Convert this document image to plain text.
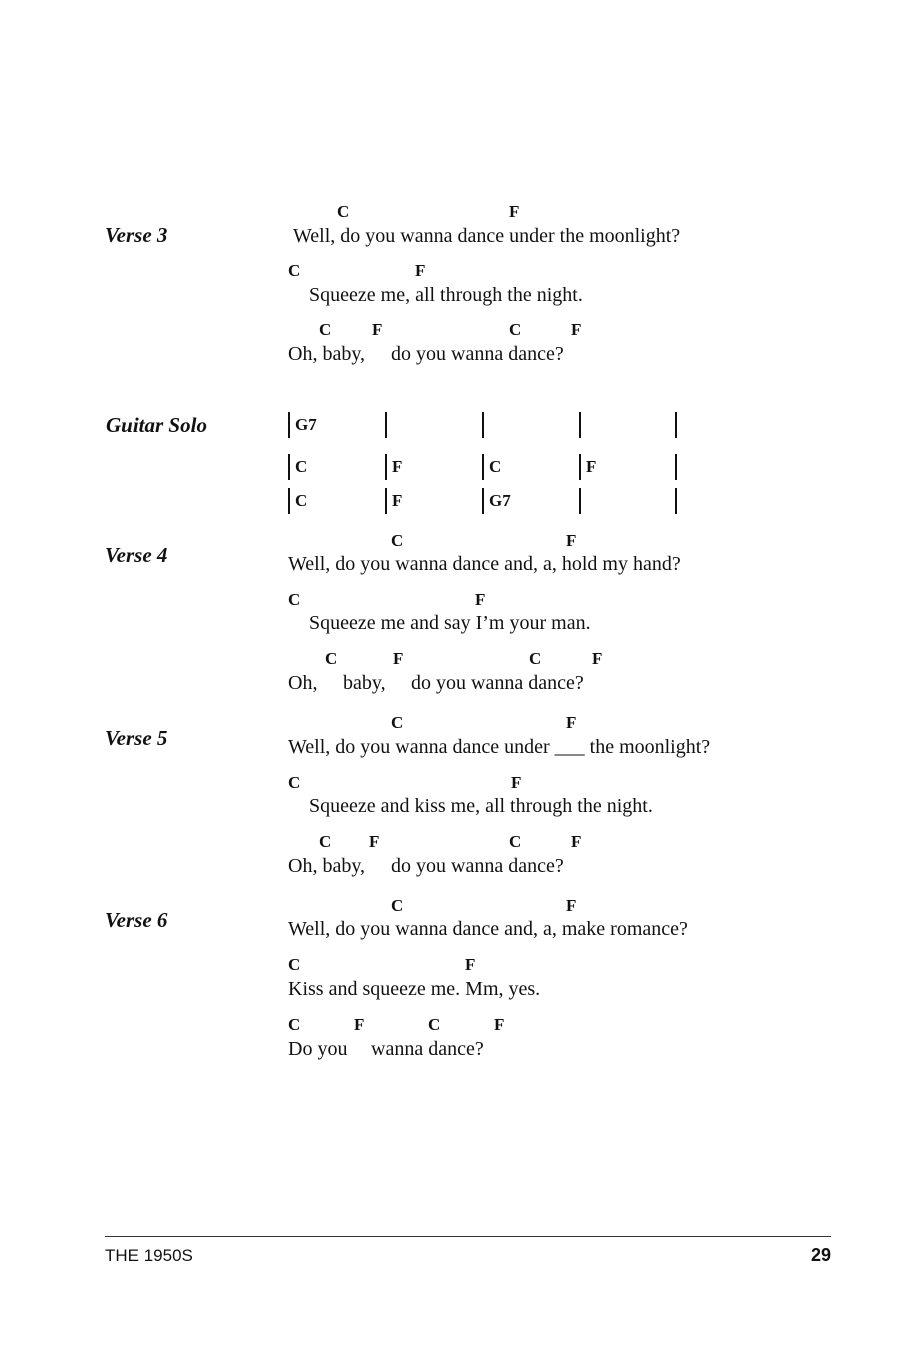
Verse 3
C	F
Well, do you wanna dance under the moonlight?
C	F
Squeeze me, all through the night.
C F	C	F
Oh, baby, do you wanna dance?
Guitar Solo	G7
C	F	C	F
C	F	G7
Verse 4
C	F
Well, do you wanna dance and, a, hold my hand?
C	F
Squeeze me and say I’m your man.
C	F	C	F
Oh, baby, do you wanna dance?
Verse 5
C	F
Well, do you wanna dance under ___ the moonlight?
C	F
Squeeze and kiss me, all through the night.
C F	C	F
Oh, baby, do you wanna dance?
Verse 6
C	F
Well, do you wanna dance and, a, make romance?
C	F
Kiss and squeeze me. Mm, yes.
C	F	C	F
Do you wanna dance?
THE 1950S	29
